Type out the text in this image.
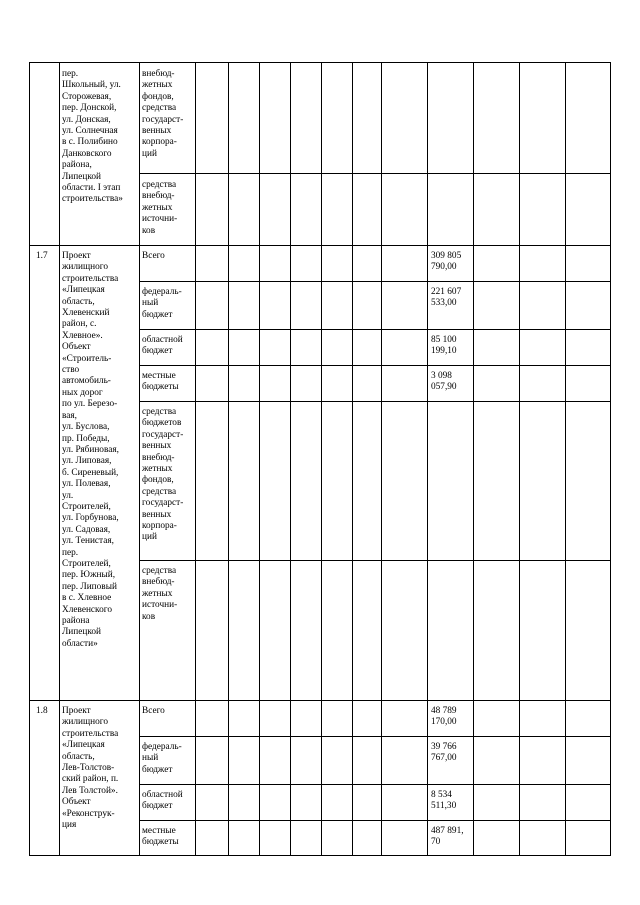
пер.
Школьный, ул.
Сторожевая,
пер. Донской,
ул. Донская,
ул. Солнечная
в с. Полибино
Данковского
района,
Липецкой
области. I этап
строительства»
внебюд-
жетных
фондов,
средства
государст-
венных
корпора-
ций
средства
внебюд-
жетных
источни-
ков
1.7 Проект
жилищного
строительства
«Липецкая
область,
Хлевенский
район, с.
Хлевное».
Объект
«Строитель-
ство
автомобиль-
ных дорог
по ул. Березо-
вая,
ул. Буслова,
пр. Победы,
ул. Рябиновая,
ул. Липовая,
б. Сиреневый,
ул. Полевая,
ул.
Строителей,
ул. Горбунова,
ул. Садовая,
ул. Тенистая,
пер.
Строителей,
пер. Южный,
пер. Липовый
в с. Хлевное
Хлевенского
района
Липецкой
области»
Всего	309 805
790,00
федераль-
ный
бюджет
221 607
533,00
областной
бюджет
85 100
199,10
местные
бюджеты
3 098
057,90
средства
бюджетов
государст-
венных
внебюд-
жетных
фондов,
средства
государст-
венных
корпора-
ций
средства
внебюд-
жетных
источни-
ков
1.8 Проект
жилищного
строительства
«Липецкая
область,
Лев-Толстов-
ский район, п.
Лев Толстой».
Объект
«Реконструк-
ция
Всего	48 789
170,00
федераль-
ный
бюджет
39 766
767,00
областной
бюджет
8 534
511,30
местные
бюджеты
487 891,
70
